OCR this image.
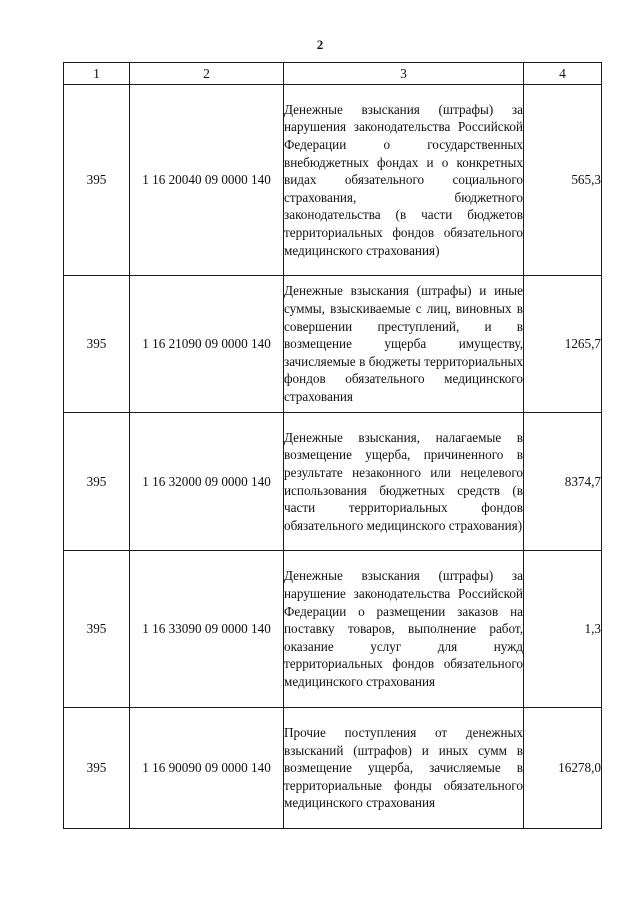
2
1	2	3	4
395	1 16 20040 09 0000 140	Денежные взыскания (штрафы) за нарушения законодательства Российской Федерации о государственных внебюджетных фондах и о конкретных видах обязательного социального страхования, бюджетного законодательства (в части бюджетов территориальных фондов обязательного медицинского страхования)	565,3
395	1 16 21090 09 0000 140	Денежные взыскания (штрафы) и иные суммы, взыскиваемые с лиц, виновных в совершении преступлений, и в возмещение ущерба имуществу, зачисляемые в бюджеты территориальных фондов обязательного медицинского страхования	1265,7
395	1 16 32000 09 0000 140	Денежные взыскания, налагаемые в возмещение ущерба, причиненного в результате незаконного или нецелевого использования бюджетных средств (в части территориальных фондов обязательного медицинского страхования)	8374,7
395	1 16 33090 09 0000 140	Денежные взыскания (штрафы) за нарушение законодательства Российской Федерации о размещении заказов на поставку товаров, выполнение работ, оказание услуг для нужд территориальных фондов обязательного медицинского страхования	1,3
395	1 16 90090 09 0000 140	Прочие поступления от денежных взысканий (штрафов) и иных сумм в возмещение ущерба, зачисляемые в территориальные фонды обязательного медицинского страхования	16278,0
